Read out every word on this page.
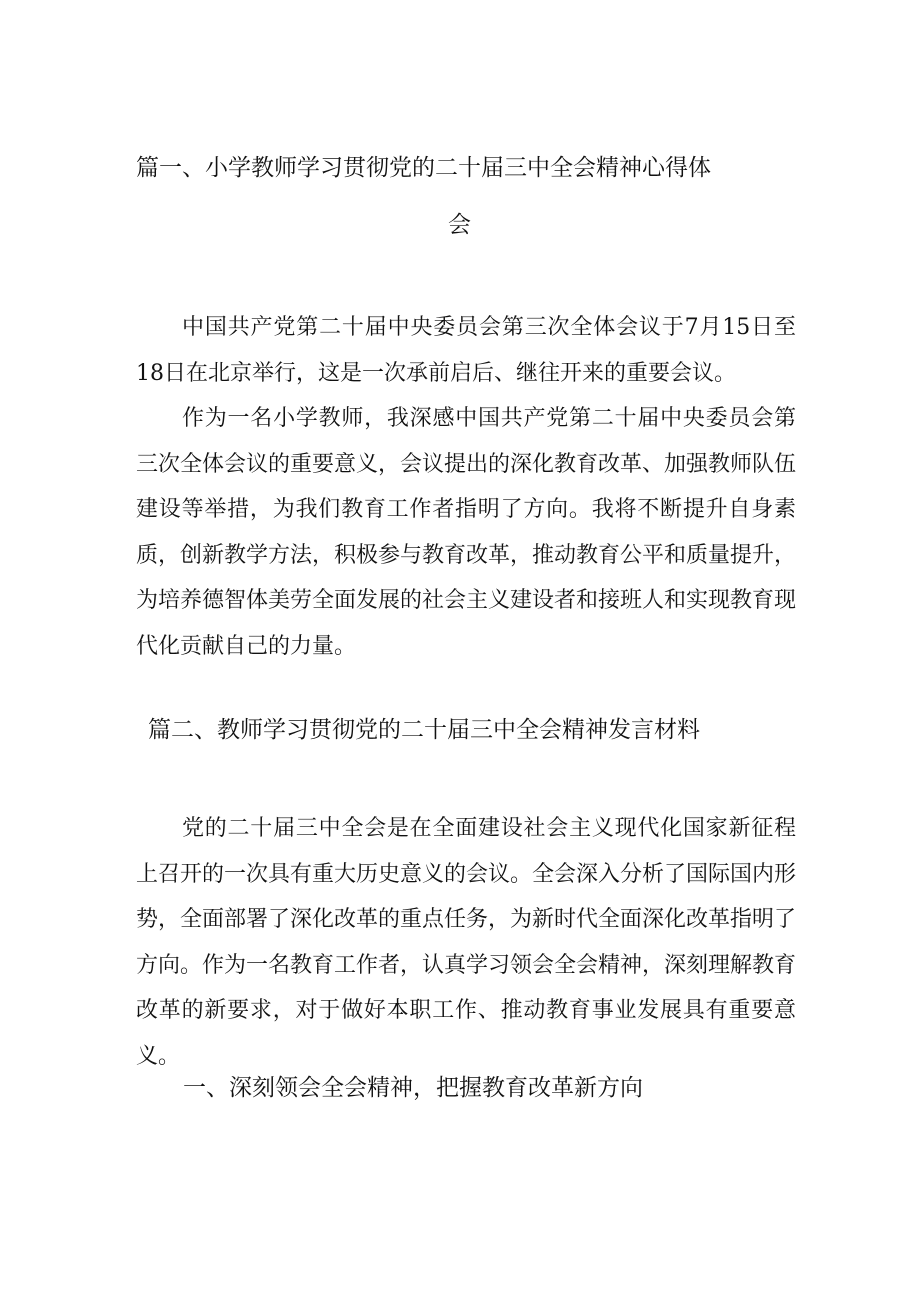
篇一、小学教师学习贯彻党的二十届三中全会精神心得体
会

中国共产党第二十届中央委员会第三次全体会议于7月15日至18日在北京举行，这是一次承前启后、继往开来的重要会议。

作为一名小学教师，我深感中国共产党第二十届中央委员会第三次全体会议的重要意义，会议提出的深化教育改革、加强教师队伍建设等举措，为我们教育工作者指明了方向。我将不断提升自身素质，创新教学方法，积极参与教育改革，推动教育公平和质量提升，为培养德智体美劳全面发展的社会主义建设者和接班人和实现教育现代化贡献自己的力量。

篇二、教师学习贯彻党的二十届三中全会精神发言材料

党的二十届三中全会是在全面建设社会主义现代化国家新征程上召开的一次具有重大历史意义的会议。全会深入分析了国际国内形势，全面部署了深化改革的重点任务，为新时代全面深化改革指明了方向。作为一名教育工作者，认真学习领会全会精神，深刻理解教育改革的新要求，对于做好本职工作、推动教育事业发展具有重要意义。

一、深刻领会全会精神，把握教育改革新方向
